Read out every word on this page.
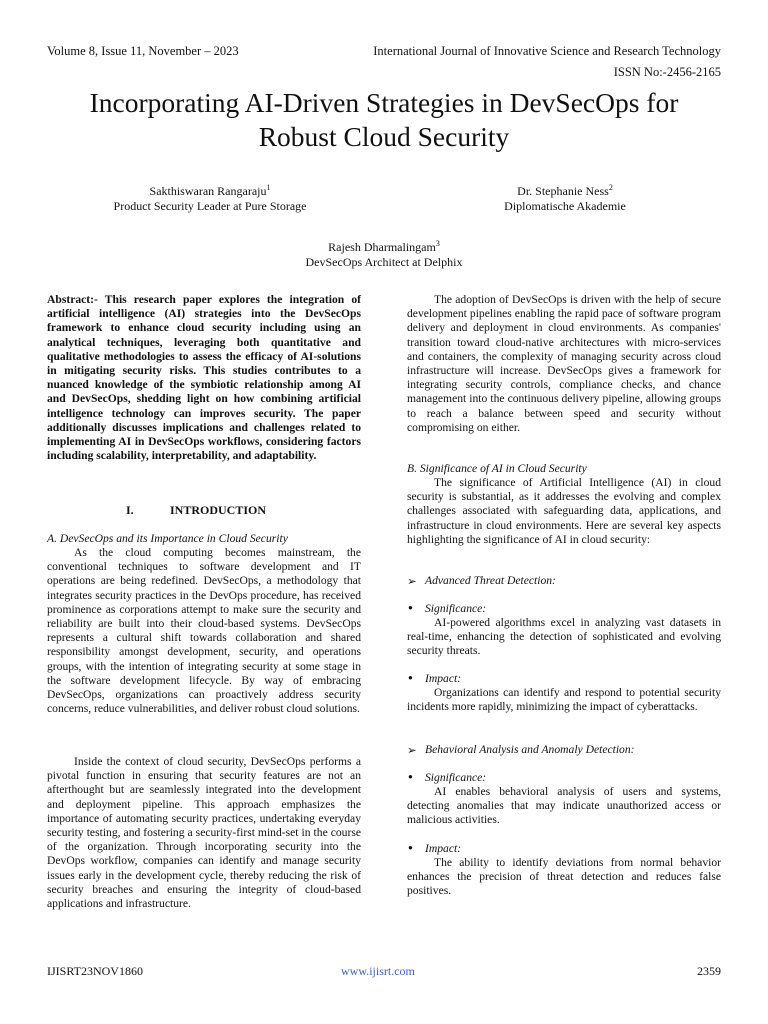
Volume 8, Issue 11, November – 2023	International Journal of Innovative Science and Research Technology
ISSN No:-2456-2165
Incorporating AI-Driven Strategies in DevSecOps for
Robust Cloud Security
Sakthiswaran Rangaraju$^1$
Product Security Leader at Pure Storage
Dr. Stephanie Ness$^2$
Diplomatische Akademie
Rajesh Dharmalingam$^3$
DevSecOps Architect at Delphix
Abstract:- This research paper explores the integration of artificial intelligence (AI) strategies into the DevSecOps framework to enhance cloud security including using an analytical techniques, leveraging both quantitative and qualitative methodologies to assess the efficacy of AI-solutions in mitigating security risks. This studies contributes to a nuanced knowledge of the symbiotic relationship among AI and DevSecOps, shedding light on how combining artificial intelligence technology can improves security. The paper additionally discusses implications and challenges related to implementing AI in DevSecOps workflows, considering factors including scalability, interpretability, and adaptability.
I.	INTRODUCTION
A. DevSecOps and its Importance in Cloud Security
As the cloud computing becomes mainstream, the conventional techniques to software development and IT operations are being redefined. DevSecOps, a methodology that integrates security practices in the DevOps procedure, has received prominence as corporations attempt to make sure the security and reliability are built into their cloud-based systems. DevSecOps represents a cultural shift towards collaboration and shared responsibility amongst development, security, and operations groups, with the intention of integrating security at some stage in the software development lifecycle. By way of embracing DevSecOps, organizations can proactively address security concerns, reduce vulnerabilities, and deliver robust cloud solutions.
Inside the context of cloud security, DevSecOps performs a pivotal function in ensuring that security features are not an afterthought but are seamlessly integrated into the development and deployment pipeline. This approach emphasizes the importance of automating security practices, undertaking everyday security testing, and fostering a security-first mind-set in the course of the organization. Through incorporating security into the DevOps workflow, companies can identify and manage security issues early in the development cycle, thereby reducing the risk of security breaches and ensuring the integrity of cloud-based applications and infrastructure.
The adoption of DevSecOps is driven with the help of secure development pipelines enabling the rapid pace of software program delivery and deployment in cloud environments. As companies' transition toward cloud-native architectures with micro-services and containers, the complexity of managing security across cloud infrastructure will increase. DevSecOps gives a framework for integrating security controls, compliance checks, and chance management into the continuous delivery pipeline, allowing groups to reach a balance between speed and security without compromising on either.
B. Significance of AI in Cloud Security
The significance of Artificial Intelligence (AI) in cloud security is substantial, as it addresses the evolving and complex challenges associated with safeguarding data, applications, and infrastructure in cloud environments. Here are several key aspects highlighting the significance of AI in cloud security:
➢ Advanced Threat Detection:
● Significance:
AI-powered algorithms excel in analyzing vast datasets in real-time, enhancing the detection of sophisticated and evolving security threats.
● Impact:
Organizations can identify and respond to potential security incidents more rapidly, minimizing the impact of cyberattacks.
➢ Behavioral Analysis and Anomaly Detection:
● Significance:
AI enables behavioral analysis of users and systems, detecting anomalies that may indicate unauthorized access or malicious activities.
● Impact:
The ability to identify deviations from normal behavior enhances the precision of threat detection and reduces false positives.
IJISRT23NOV1860	www.ijisrt.com	2359
